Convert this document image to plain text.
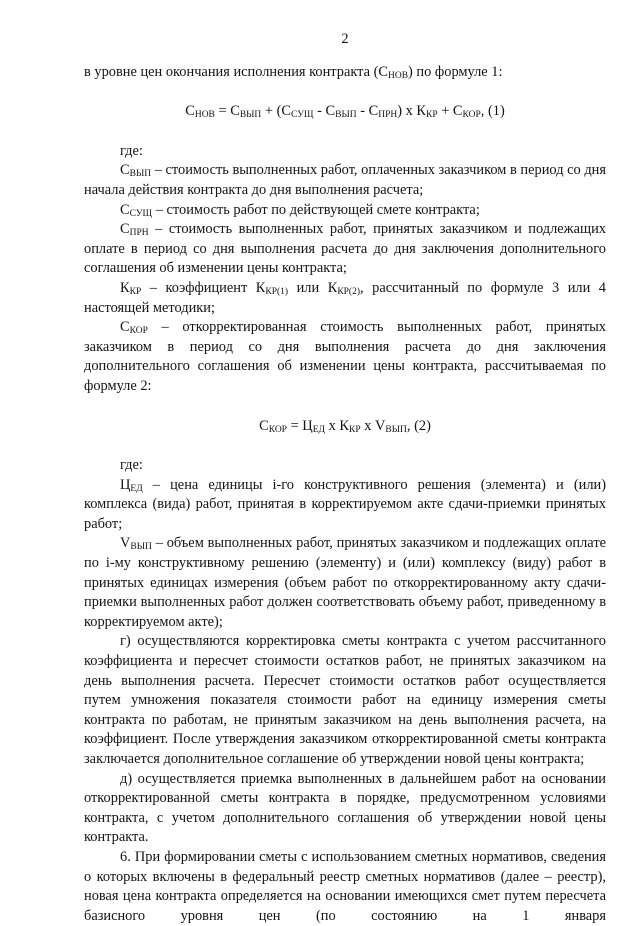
2

в уровне цен окончания исполнения контракта $(С_{НОВ})$ по формуле 1:

$С_{НОВ} = С_{ВЫП} + (С_{СУЩ} - С_{ВЫП} - С_{ПРН})$ х $К_{КР} + С_{КОР}$, (1)

где:

$С_{ВЫП}$ – стоимость выполненных работ, оплаченных заказчиком в период со дня начала действия контракта до дня выполнения расчета;

$С_{СУЩ}$ – стоимость работ по действующей смете контракта;

$С_{ПРН}$ – стоимость выполненных работ, принятых заказчиком и подлежащих оплате в период со дня выполнения расчета до дня заключения дополнительного соглашения об изменении цены контракта;

$К_{КР}$ – коэффициент $К_{КР(1)}$ или $К_{КР(2)}$, рассчитанный по формуле 3 или 4 настоящей методики;

$С_{КОР}$ – откорректированная стоимость выполненных работ, принятых заказчиком в период со дня выполнения расчета до дня заключения дополнительного соглашения об изменении цены контракта, рассчитываемая по формуле 2:

$С_{КОР} = Ц_{ЕД}$ х $К_{КР}$ х $V_{ВЫП}$, (2)

где:

$Ц_{ЕД}$ – цена единицы i-го конструктивного решения (элемента) и (или) комплекса (вида) работ, принятая в корректируемом акте сдачи-приемки принятых работ;

$V_{ВЫП}$ – объем выполненных работ, принятых заказчиком и подлежащих оплате по i-му конструктивному решению (элементу) и (или) комплексу (виду) работ в принятых единицах измерения (объем работ по откорректированному акту сдачи-приемки выполненных работ должен соответствовать объему работ, приведенному в корректируемом акте);

г) осуществляются корректировка сметы контракта с учетом рассчитанного коэффициента и пересчет стоимости остатков работ, не принятых заказчиком на день выполнения расчета. Пересчет стоимости остатков работ осуществляется путем умножения показателя стоимости работ на единицу измерения сметы контракта по работам, не принятым заказчиком на день выполнения расчета, на коэффициент. После утверждения заказчиком откорректированной сметы контракта заключается дополнительное соглашение об утверждении новой цены контракта;

д) осуществляется приемка выполненных в дальнейшем работ на основании откорректированной сметы контракта в порядке, предусмотренном условиями контракта, с учетом дополнительного соглашения об утверждении новой цены контракта.

6. При формировании сметы с использованием сметных нормативов, сведения о которых включены в федеральный реестр сметных нормативов (далее – реестр), новая цена контракта определяется на основании имеющихся смет путем пересчета базисного уровня цен (по состоянию на 1 января
